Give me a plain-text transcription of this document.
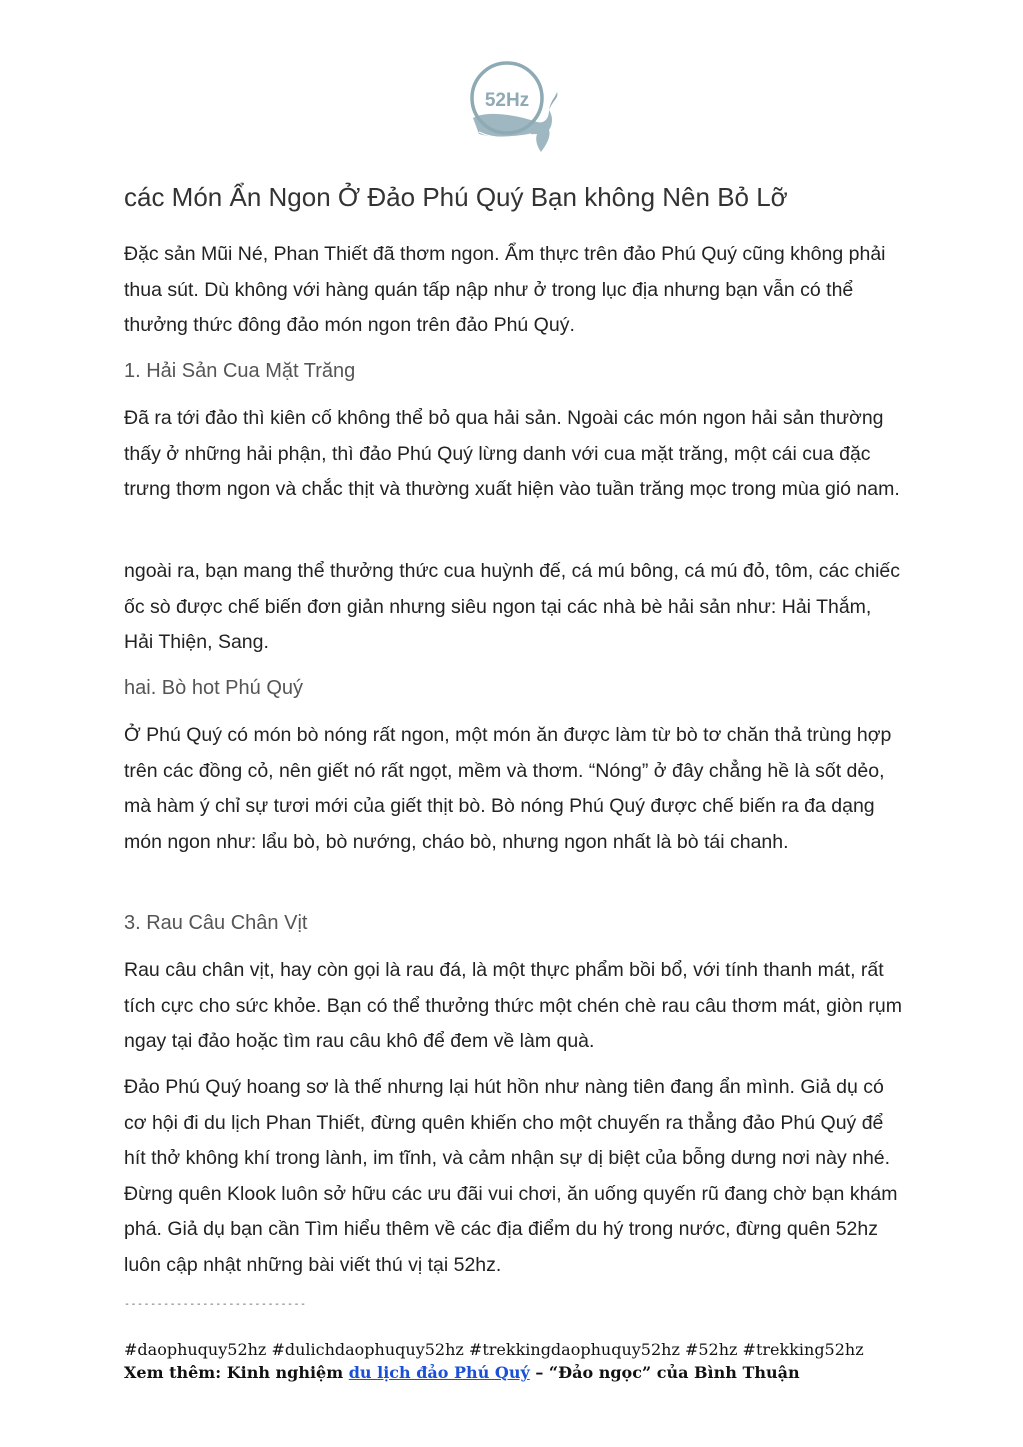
52Hz
các Món Ẩn Ngon Ở Đảo Phú Quý Bạn không Nên Bỏ Lỡ

Đặc sản Mũi Né, Phan Thiết đã thơm ngon. Ẩm thực trên đảo Phú Quý cũng không phải thua sút. Dù không với hàng quán tấp nập như ở trong lục địa nhưng bạn vẫn có thể thưởng thức đông đảo món ngon trên đảo Phú Quý.

1. Hải Sản Cua Mặt Trăng

Đã ra tới đảo thì kiên cố không thể bỏ qua hải sản. Ngoài các món ngon hải sản thường thấy ở những hải phận, thì đảo Phú Quý lừng danh với cua mặt trăng, một cái cua đặc trưng thơm ngon và chắc thịt và thường xuất hiện vào tuần trăng mọc trong mùa gió nam.

ngoài ra, bạn mang thể thưởng thức cua huỳnh đế, cá mú bông, cá mú đỏ, tôm, các chiếc ốc sò được chế biến đơn giản nhưng siêu ngon tại các nhà bè hải sản như: Hải Thắm, Hải Thiện, Sang.

hai. Bò hot Phú Quý

Ở Phú Quý có món bò nóng rất ngon, một món ăn được làm từ bò tơ chăn thả trùng hợp trên các đồng cỏ, nên giết nó rất ngọt, mềm và thơm. “Nóng” ở đây chẳng hề là sốt dẻo, mà hàm ý chỉ sự tươi mới của giết thịt bò. Bò nóng Phú Quý được chế biến ra đa dạng món ngon như: lẩu bò, bò nướng, cháo bò, nhưng ngon nhất là bò tái chanh.

3. Rau Câu Chân Vịt

Rau câu chân vịt, hay còn gọi là rau đá, là một thực phẩm bồi bổ, với tính thanh mát, rất tích cực cho sức khỏe. Bạn có thể thưởng thức một chén chè rau câu thơm mát, giòn rụm ngay tại đảo hoặc tìm rau câu khô để đem về làm quà.

Đảo Phú Quý hoang sơ là thế nhưng lại hút hồn như nàng tiên đang ẩn mình. Giả dụ có cơ hội đi du lịch Phan Thiết, đừng quên khiến cho một chuyến ra thẳng đảo Phú Quý để hít thở không khí trong lành, im tĩnh, và cảm nhận sự dị biệt của bỗng dưng nơi này nhé. Đừng quên Klook luôn sở hữu các ưu đãi vui chơi, ăn uống quyến rũ đang chờ bạn khám phá. Giả dụ bạn cần Tìm hiểu thêm về các địa điểm du hý trong nước, đừng quên 52hz luôn cập nhật những bài viết thú vị tại 52hz.

----------------------------
#daophuquy52hz #dulichdaophuquy52hz #trekkingdaophuquy52hz #52hz #trekking52hz
Xem thêm: Kinh nghiệm du lịch đảo Phú Quý – “Đảo ngọc” của Bình Thuận
